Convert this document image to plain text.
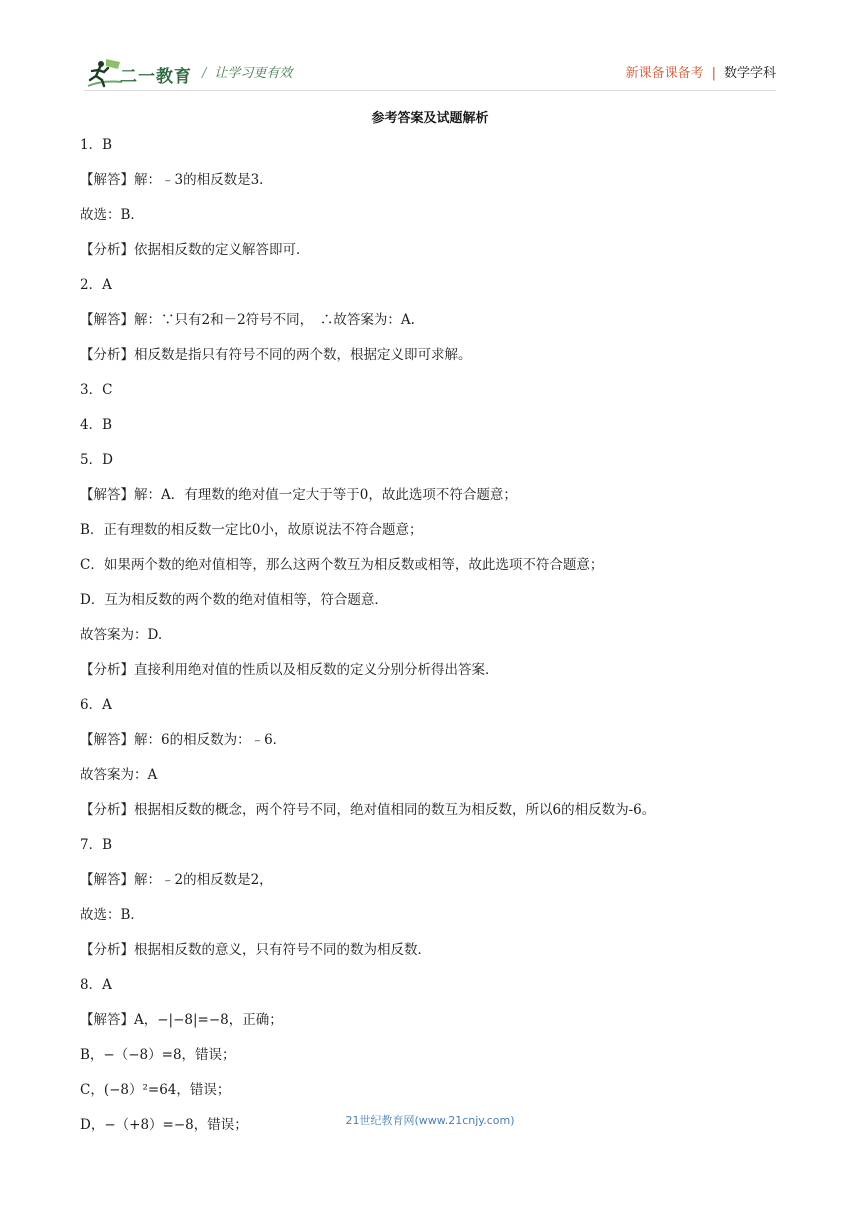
二一教育 / 让学习更有效	新课备课备考 | 数学学科
参考答案及试题解析
1．B
【解答】解：﹣3的相反数是3．
故选：B．
【分析】依据相反数的定义解答即可．
2．A
【解答】解：∵只有2和－2符号不同，　∴故答案为：A.
【分析】相反数是指只有符号不同的两个数，根据定义即可求解。
3．C
4．B
5．D
【解答】解：A．有理数的绝对值一定大于等于0，故此选项不符合题意；
B．正有理数的相反数一定比0小，故原说法不符合题意；
C．如果两个数的绝对值相等，那么这两个数互为相反数或相等，故此选项不符合题意；
D．互为相反数的两个数的绝对值相等，符合题意．
故答案为：D.
【分析】直接利用绝对值的性质以及相反数的定义分别分析得出答案．
6．A
【解答】解：6的相反数为：﹣6．
故答案为：A
【分析】根据相反数的概念，两个符号不同，绝对值相同的数互为相反数，所以6的相反数为-6。
7．B
【解答】解：﹣2的相反数是2，
故选：B．
【分析】根据相反数的意义，只有符号不同的数为相反数．
8．A
【解答】A，−|−8|=−8，正确；
B，−（−8）=8，错误；
C，(−8）²=64，错误；
D，−（+8）=−8，错误；	21世纪教育网(www.21cnjy.com)
